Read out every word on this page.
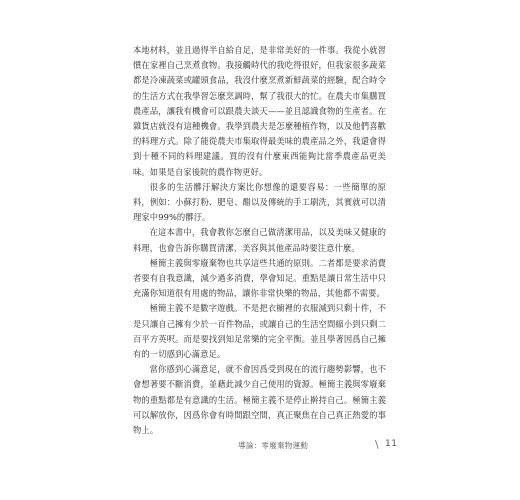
本地材料，並且過得半自給自足，是非常美好的一件事。我從小就習慣在家裡自己烹煮食物。我接觸時代的我吃得很好，但我家很多蔬菜都是冷凍蔬菜或罐頭食品，我沒什麼烹煮新鮮蔬菜的經驗，配合時令的生活方式在我學習怎麼烹調時，幫了我很大的忙。在農夫市集購買農產品，讓我有機會可以跟農夫談天——並且認識食物的生產者。在雜貨店就沒有這種機會。我學到農夫是怎麼種植作物，以及他們喜歡的料理方式。除了能從農夫市集取得最美味的農產品之外，我還會得到十種不同的料理建議。買的沒有什麼東西能夠比當季農產品更美味。如果是自家後院的農作物更好。

很多的生活髒汙解決方案比你想像的還要容易：一些簡單的原料，例如：小蘇打粉、肥皂、醋以及傳統的手工刷洗，其實就可以清理家中99%的髒汙。

在這本書中，我會教你怎麼自己做清潔用品，以及美味又健康的料理，也會告訴你購買清潔、美容與其他產品時要注意什麼。

極簡主義與零廢棄物也共享這些共通的原則。二者都是要求消費者要有自我意識，減少過多消費，學會知足。重點是讓日常生活中只充滿你知道很有用處的物品，讓你非常快樂的物品，其他都不需要。

極簡主義不是數字遊戲。不是把衣櫥裡的衣服減到只剩十件，不是只讓自己擁有少於一百件物品，或讓自己的生活空間縮小到只剩二百平方英呎。而是要找到知足常樂的完全平衡。並且學著因爲自己擁有的一切感到心滿意足。

當你感到心滿意足，就不會因爲受到現在的流行趨勢影響，也不會想著要不斷消費，並藉此減少自己使用的資源。極簡主義與零廢棄物的重點都是有意識的生活。極簡主義不是停止擀持自己。極簡主義可以解放你，因爲你會有時間跟空間，真正聚焦在自己真正熱愛的事物上。

導論：零廢棄物運動	\ 11
